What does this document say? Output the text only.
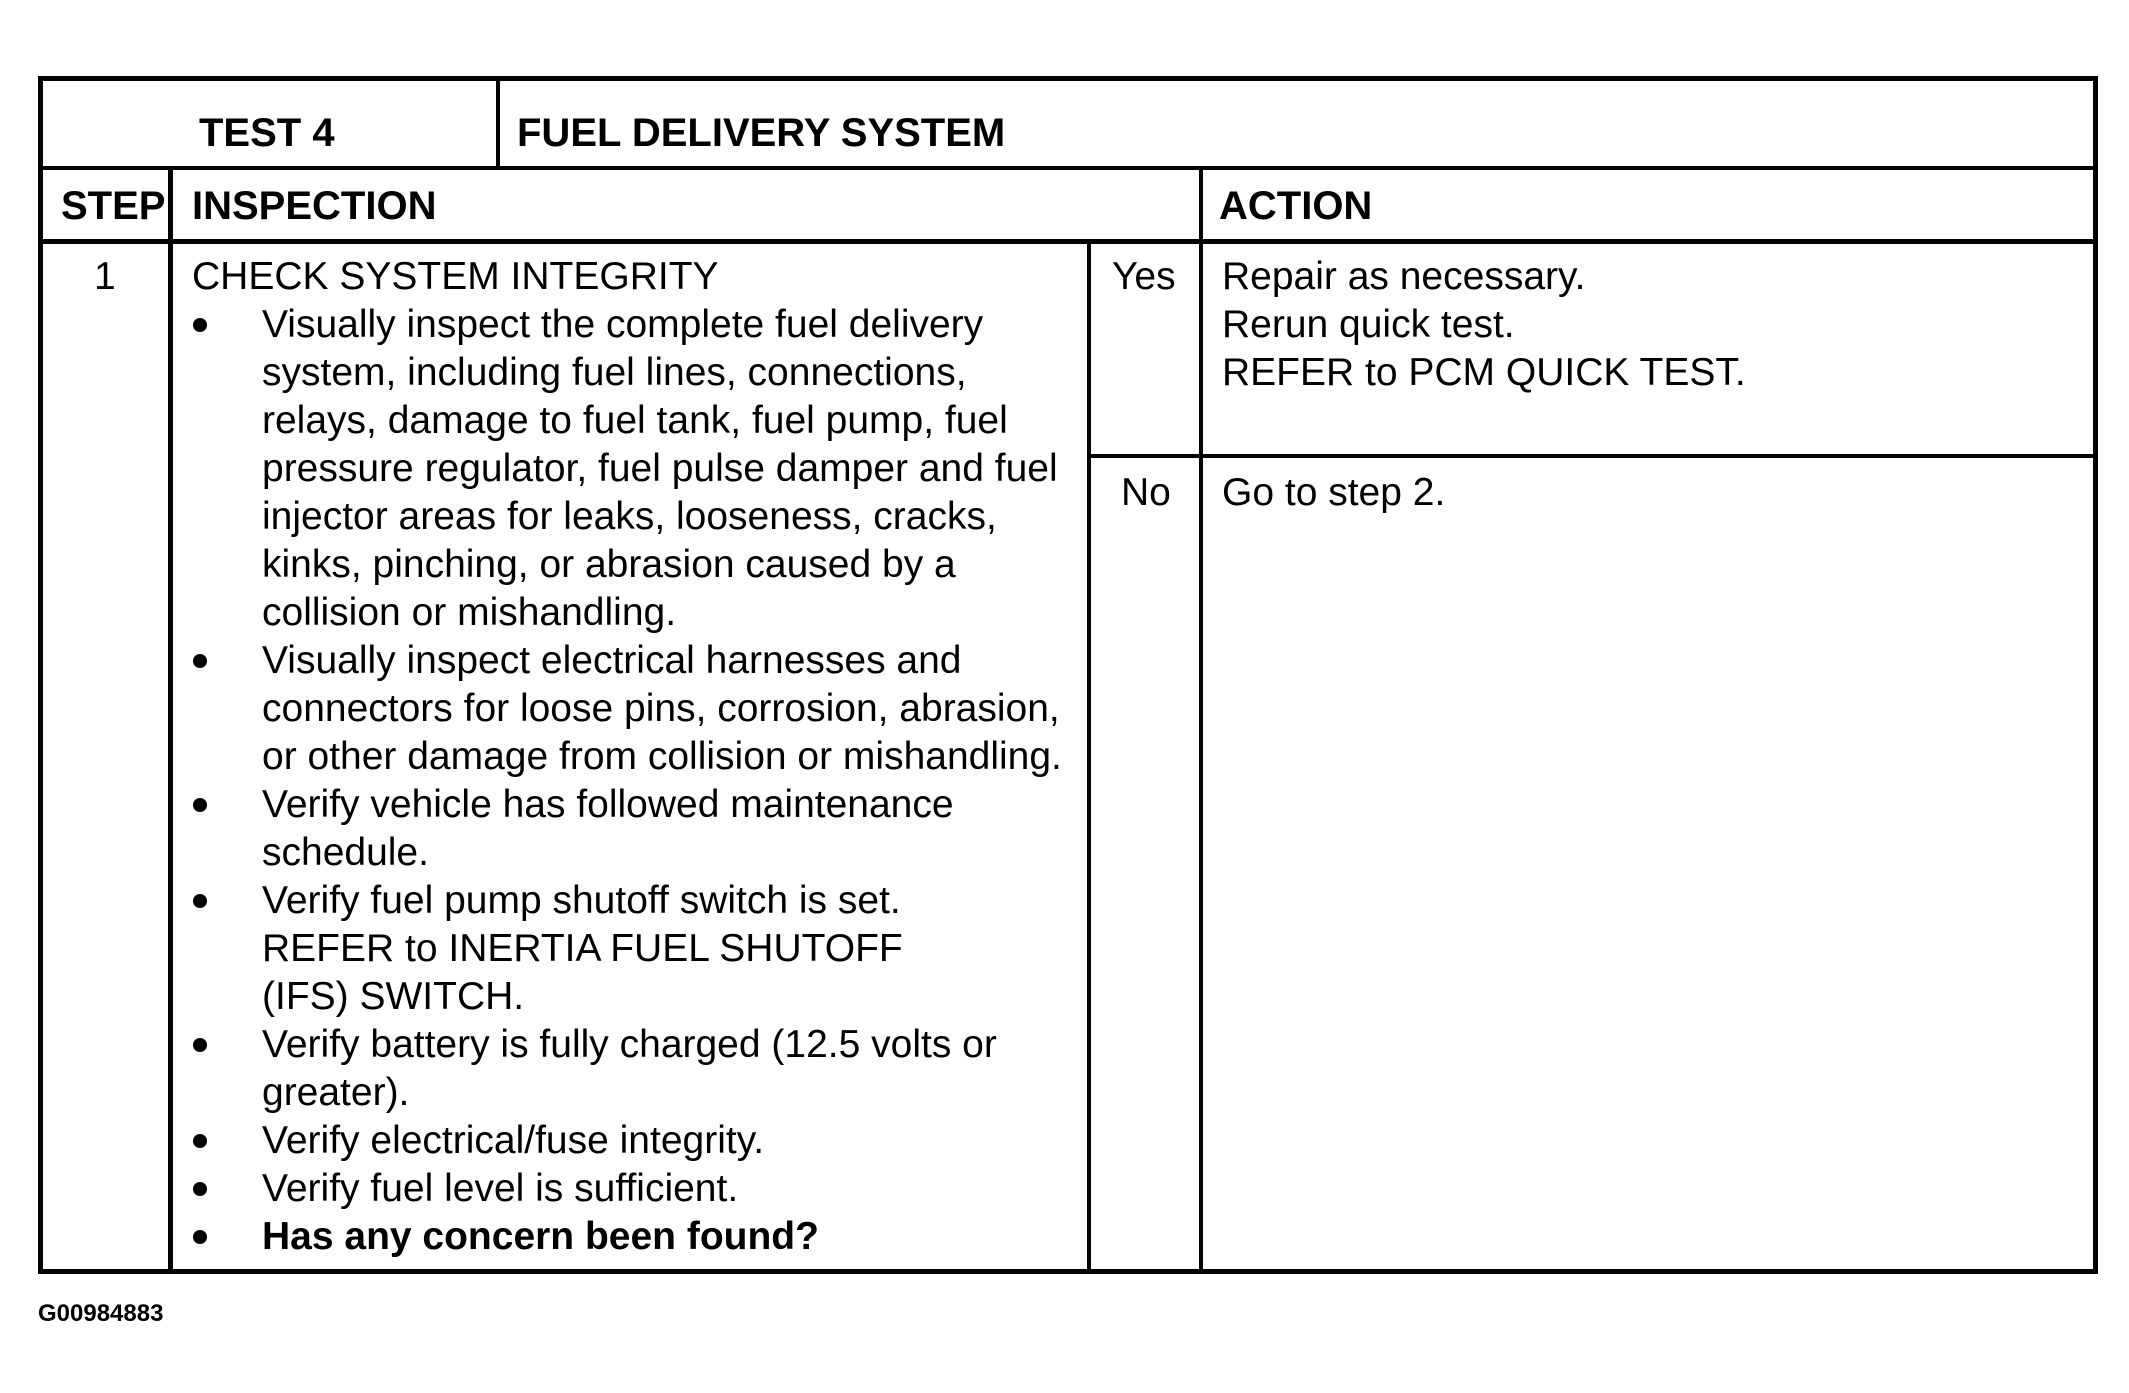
TEST 4	FUEL DELIVERY SYSTEM
STEP INSPECTION	ACTION
1 CHECK SYSTEM INTEGRITY
Visually inspect the complete fuel delivery
system, including fuel lines, connections,
relays, damage to fuel tank, fuel pump, fuel
pressure regulator, fuel pulse damper and fuel
injector areas for leaks, looseness, cracks,
kinks, pinching, or abrasion caused by a
collision or mishandling.
Visually inspect electrical harnesses and
connectors for loose pins, corrosion, abrasion,
or other damage from collision or mishandling.
Verify vehicle has followed maintenance
schedule.
Verify fuel pump shutoff switch is set.
REFER to INERTIA FUEL SHUTOFF
(IFS) SWITCH.
Verify battery is fully charged (12.5 volts or
greater).
Verify electrical/fuse integrity.
Verify fuel level is sufficient.
Has any concern been found?
Yes
No
Repair as necessary.
Rerun quick test.
REFER to PCM QUICK TEST.
Go to step 2.
G00984883
